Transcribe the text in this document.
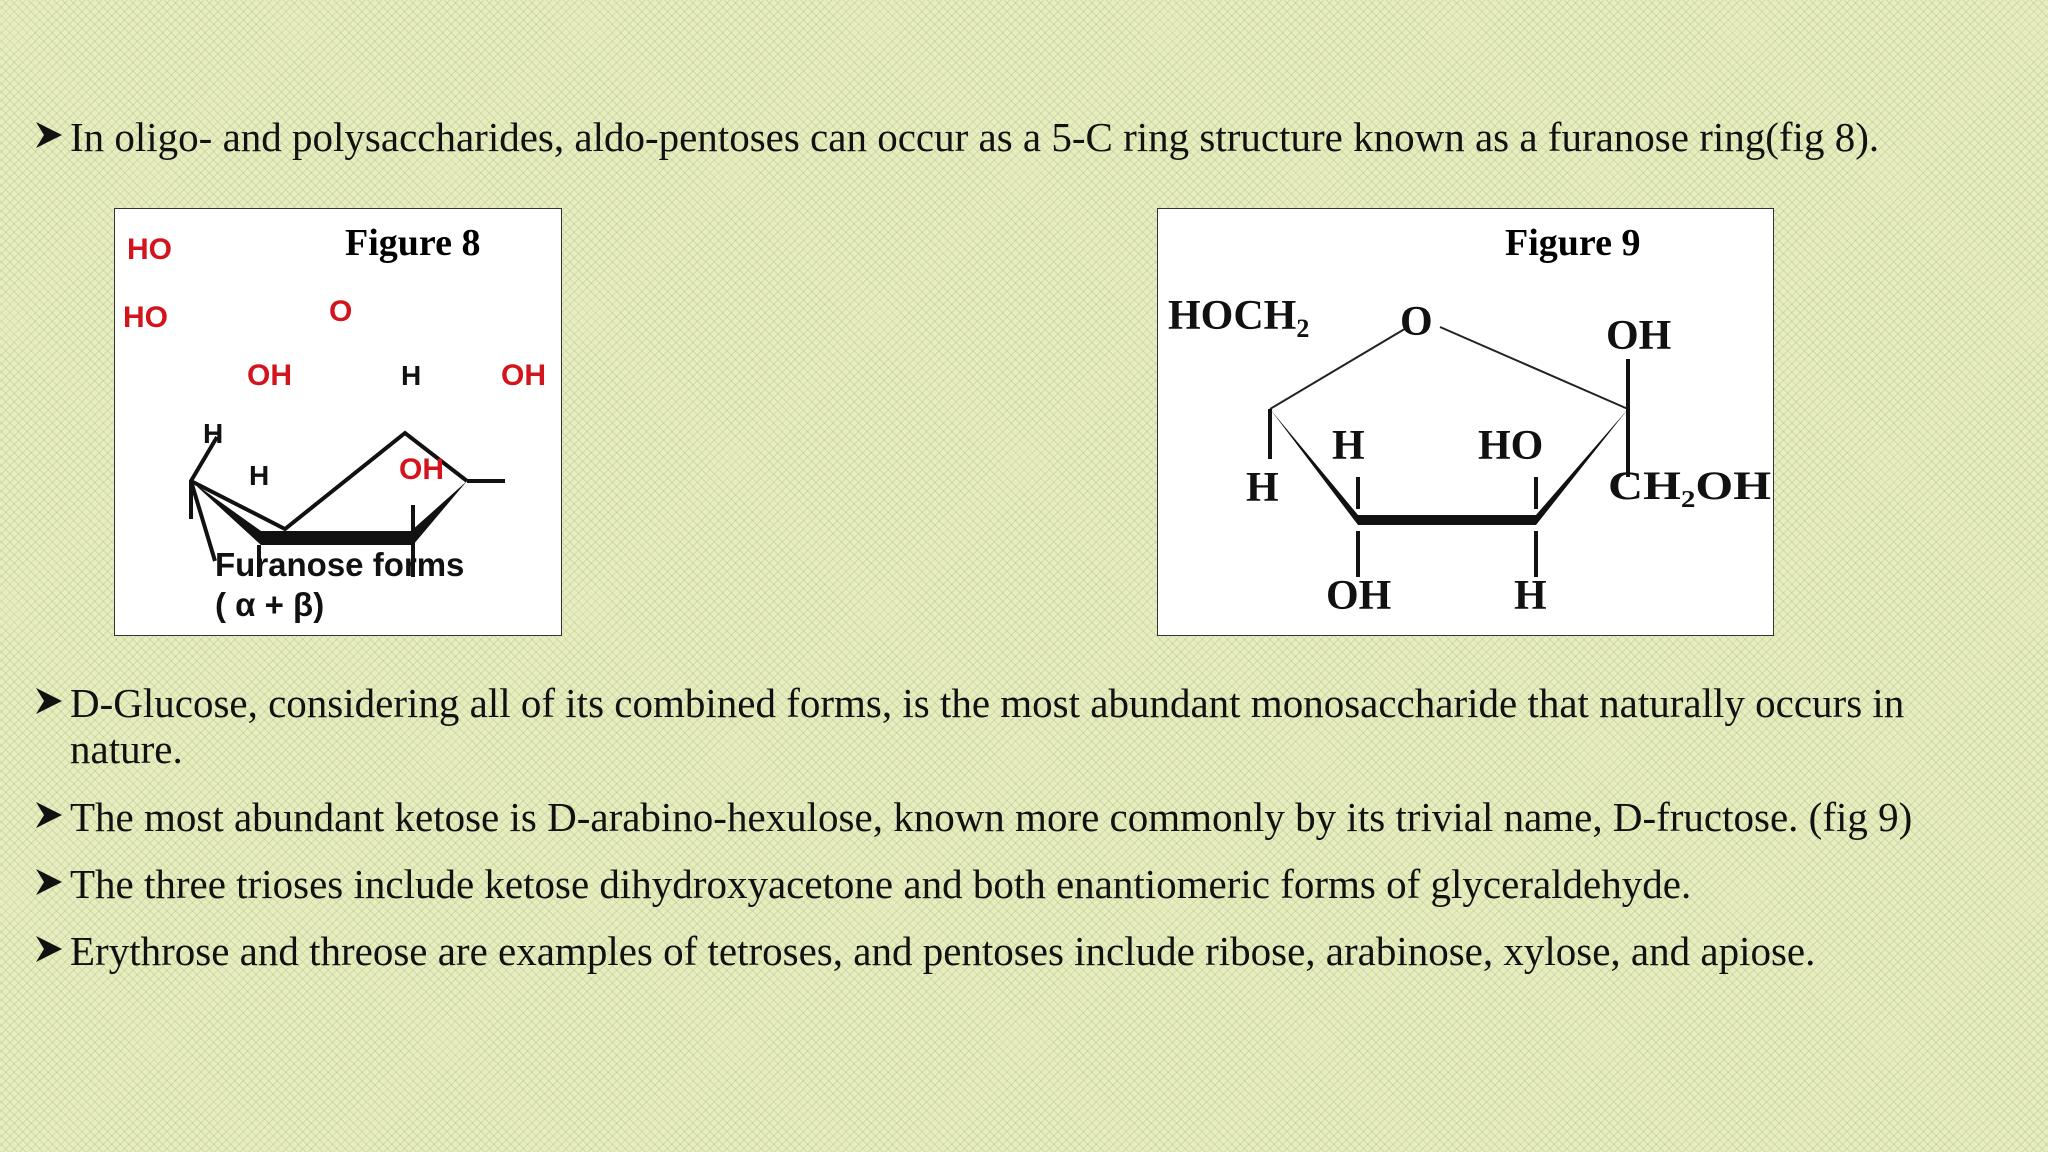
In oligo- and polysaccharides, aldo-pentoses can occur as a 5-C ring structure known as a furanose ring(fig 8).
HO
HO	O
OH	H	OH
H
H	OH
Figure 8
Furanose forms
( α + β)
HOCH2 O	OH
H
H	HO
CH $_2$OH
OH	H
Figure 9
D-Glucose, considering all of its combined forms, is the most abundant monosaccharide that naturally occurs in nature.
The most abundant ketose is D-arabino-hexulose, known more commonly by its trivial name, D-fructose. (fig 9)
The three trioses include ketose dihydroxyacetone and both enantiomeric forms of glyceraldehyde.
Erythrose and threose are examples of tetroses, and pentoses include ribose, arabinose, xylose, and apiose.
